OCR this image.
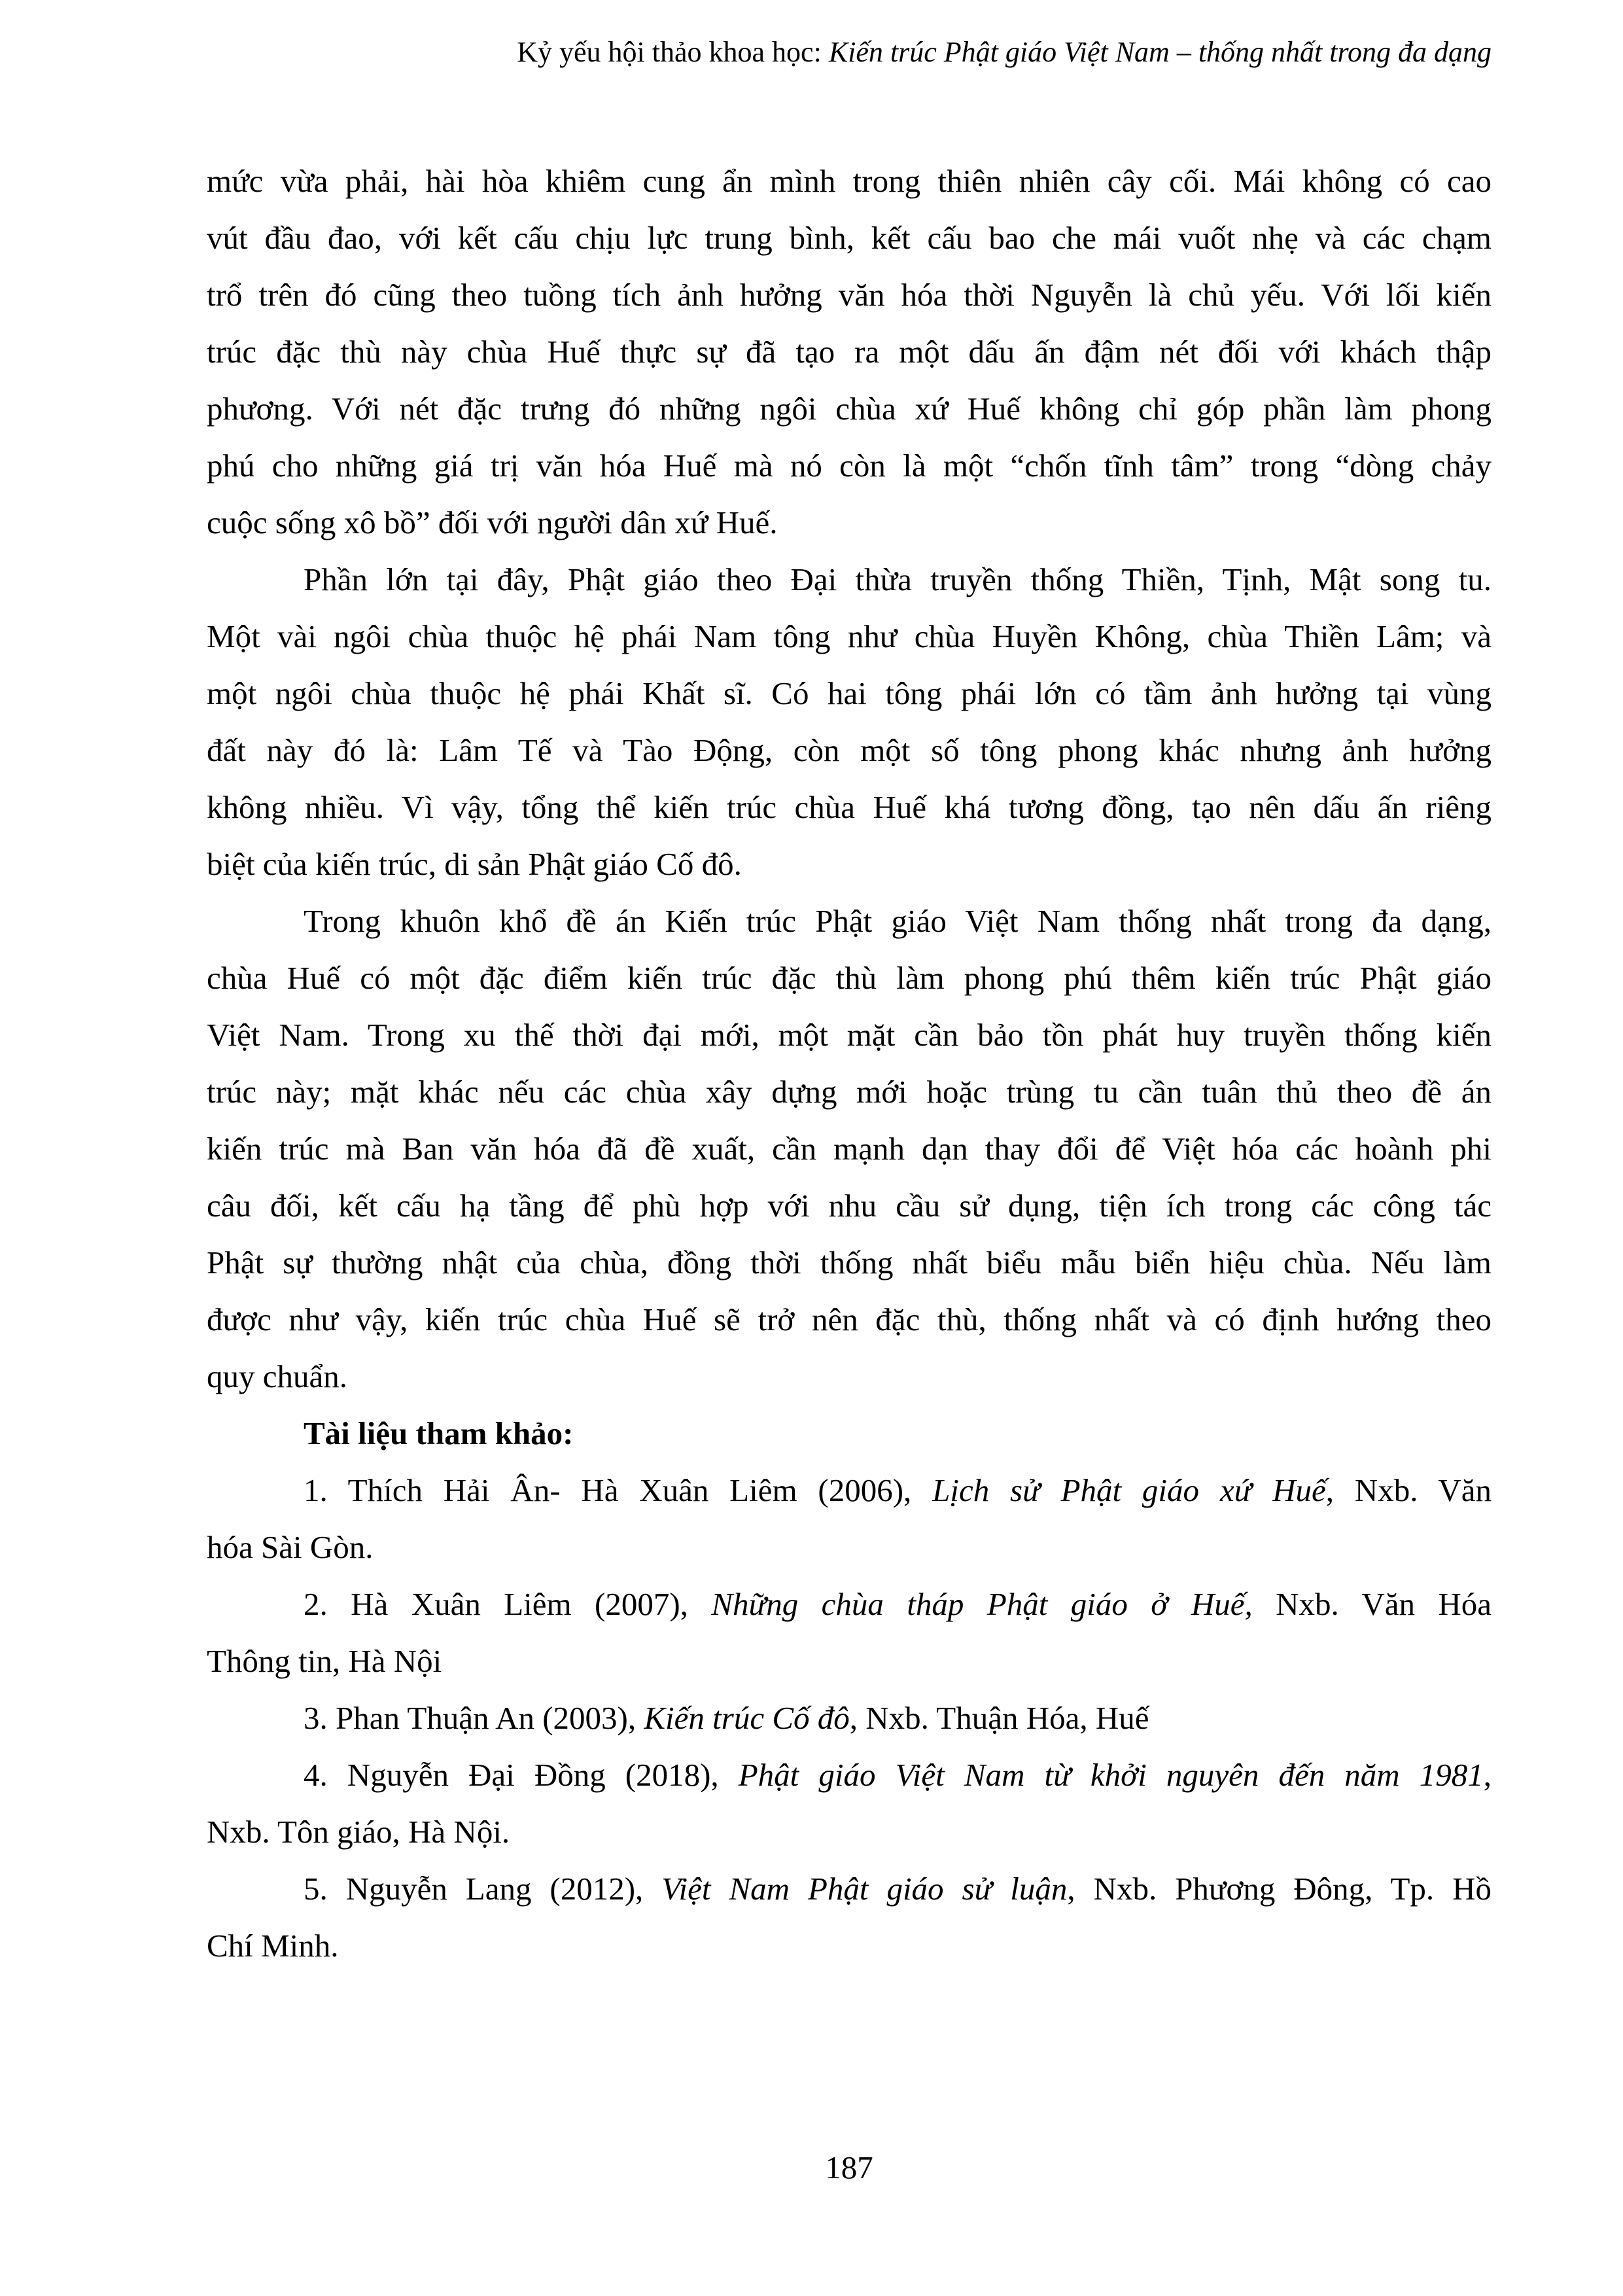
Kỷ yếu hội thảo khoa học: Kiến trúc Phật giáo Việt Nam – thống nhất trong đa dạng
mức vừa phải, hài hòa khiêm cung ẩn mình trong thiên nhiên cây cối. Mái không có cao
vút đầu đao, với kết cấu chịu lực trung bình, kết cấu bao che mái vuốt nhẹ và các chạm
trổ trên đó cũng theo tuồng tích ảnh hưởng văn hóa thời Nguyễn là chủ yếu. Với lối kiến
trúc đặc thù này chùa Huế thực sự đã tạo ra một dấu ấn đậm nét đối với khách thập
phương. Với nét đặc trưng đó những ngôi chùa xứ Huế không chỉ góp phần làm phong
phú cho những giá trị văn hóa Huế mà nó còn là một “chốn tĩnh tâm” trong “dòng chảy
cuộc sống xô bồ” đối với người dân xứ Huế.
Phần lớn tại đây, Phật giáo theo Đại thừa truyền thống Thiền, Tịnh, Mật song tu.
Một vài ngôi chùa thuộc hệ phái Nam tông như chùa Huyền Không, chùa Thiền Lâm; và
một ngôi chùa thuộc hệ phái Khất sĩ. Có hai tông phái lớn có tầm ảnh hưởng tại vùng
đất này đó là: Lâm Tế và Tào Động, còn một số tông phong khác nhưng ảnh hưởng
không nhiều. Vì vậy, tổng thể kiến trúc chùa Huế khá tương đồng, tạo nên dấu ấn riêng
biệt của kiến trúc, di sản Phật giáo Cố đô.
Trong khuôn khổ đề án Kiến trúc Phật giáo Việt Nam thống nhất trong đa dạng,
chùa Huế có một đặc điểm kiến trúc đặc thù làm phong phú thêm kiến trúc Phật giáo
Việt Nam. Trong xu thế thời đại mới, một mặt cần bảo tồn phát huy truyền thống kiến
trúc này; mặt khác nếu các chùa xây dựng mới hoặc trùng tu cần tuân thủ theo đề án
kiến trúc mà Ban văn hóa đã đề xuất, cần mạnh dạn thay đổi để Việt hóa các hoành phi
câu đối, kết cấu hạ tầng để phù hợp với nhu cầu sử dụng, tiện ích trong các công tác
Phật sự thường nhật của chùa, đồng thời thống nhất biểu mẫu biển hiệu chùa. Nếu làm
được như vậy, kiến trúc chùa Huế sẽ trở nên đặc thù, thống nhất và có định hướng theo
quy chuẩn.
Tài liệu tham khảo:
1. Thích Hải Ân- Hà Xuân Liêm (2006), Lịch sử Phật giáo xứ Huế, Nxb. Văn
hóa Sài Gòn.
2. Hà Xuân Liêm (2007), Những chùa tháp Phật giáo ở Huế, Nxb. Văn Hóa
Thông tin, Hà Nội
3. Phan Thuận An (2003), Kiến trúc Cố đô, Nxb. Thuận Hóa, Huế
4. Nguyễn Đại Đồng (2018), Phật giáo Việt Nam từ khởi nguyên đến năm 1981,
Nxb. Tôn giáo, Hà Nội.
5. Nguyễn Lang (2012), Việt Nam Phật giáo sử luận, Nxb. Phương Đông, Tp. Hồ
Chí Minh.
187
